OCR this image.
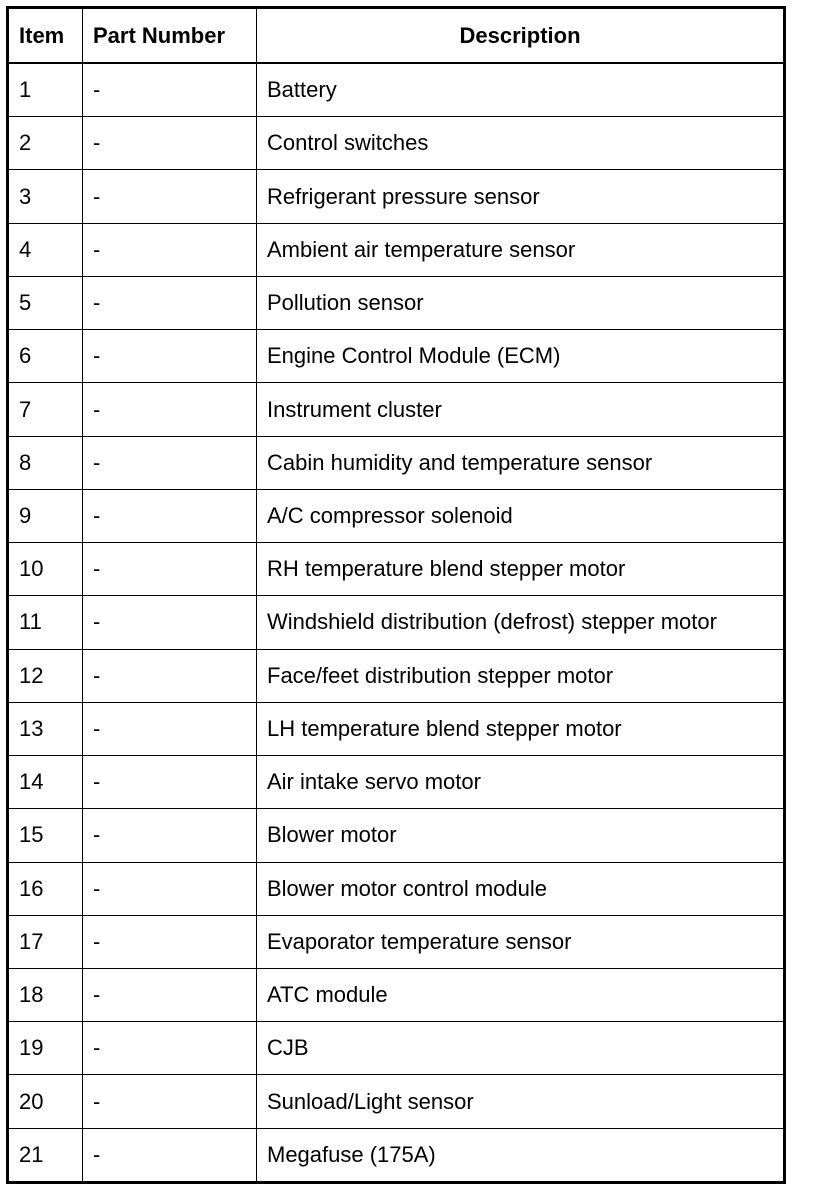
Item	Part Number	Description
1	-	Battery
2	-	Control switches
3	-	Refrigerant pressure sensor
4	-	Ambient air temperature sensor
5	-	Pollution sensor
6	-	Engine Control Module (ECM)
7	-	Instrument cluster
8	-	Cabin humidity and temperature sensor
9	-	A/C compressor solenoid
10	-	RH temperature blend stepper motor
11	-	Windshield distribution (defrost) stepper motor
12	-	Face/feet distribution stepper motor
13	-	LH temperature blend stepper motor
14	-	Air intake servo motor
15	-	Blower motor
16	-	Blower motor control module
17	-	Evaporator temperature sensor
18	-	ATC module
19	-	CJB
20	-	Sunload/Light sensor
21	-	Megafuse (175A)
